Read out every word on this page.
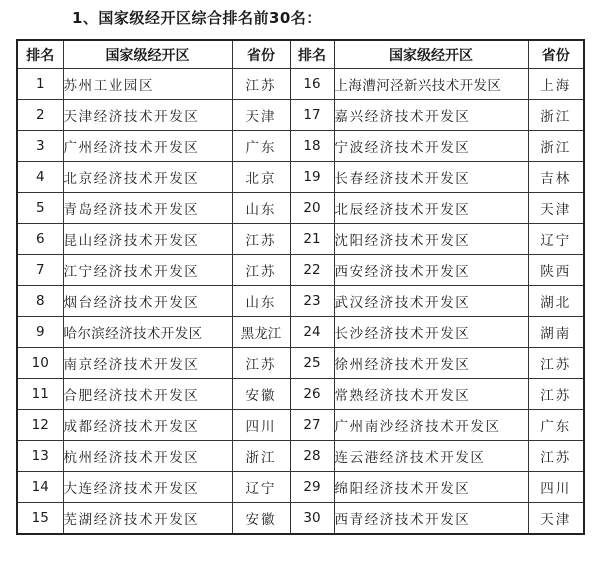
1、国家级经开区综合排名前30名：
排名	国家级经开区	省份	排名	国家级经开区	省份
1	苏州工业园区	江苏	16	上海漕河泾新兴技术开发区	上海
2	天津经济技术开发区	天津	17	嘉兴经济技术开发区	浙江
3	广州经济技术开发区	广东	18	宁波经济技术开发区	浙江
4	北京经济技术开发区	北京	19	长春经济技术开发区	吉林
5	青岛经济技术开发区	山东	20	北辰经济技术开发区	天津
6	昆山经济技术开发区	江苏	21	沈阳经济技术开发区	辽宁
7	江宁经济技术开发区	江苏	22	西安经济技术开发区	陕西
8	烟台经济技术开发区	山东	23	武汉经济技术开发区	湖北
9	哈尔滨经济技术开发区	黑龙江	24	长沙经济技术开发区	湖南
10	南京经济技术开发区	江苏	25	徐州经济技术开发区	江苏
11	合肥经济技术开发区	安徽	26	常熟经济技术开发区	江苏
12	成都经济技术开发区	四川	27	广州南沙经济技术开发区	广东
13	杭州经济技术开发区	浙江	28	连云港经济技术开发区	江苏
14	大连经济技术开发区	辽宁	29	绵阳经济技术开发区	四川
15	芜湖经济技术开发区	安徽	30	西青经济技术开发区	天津
